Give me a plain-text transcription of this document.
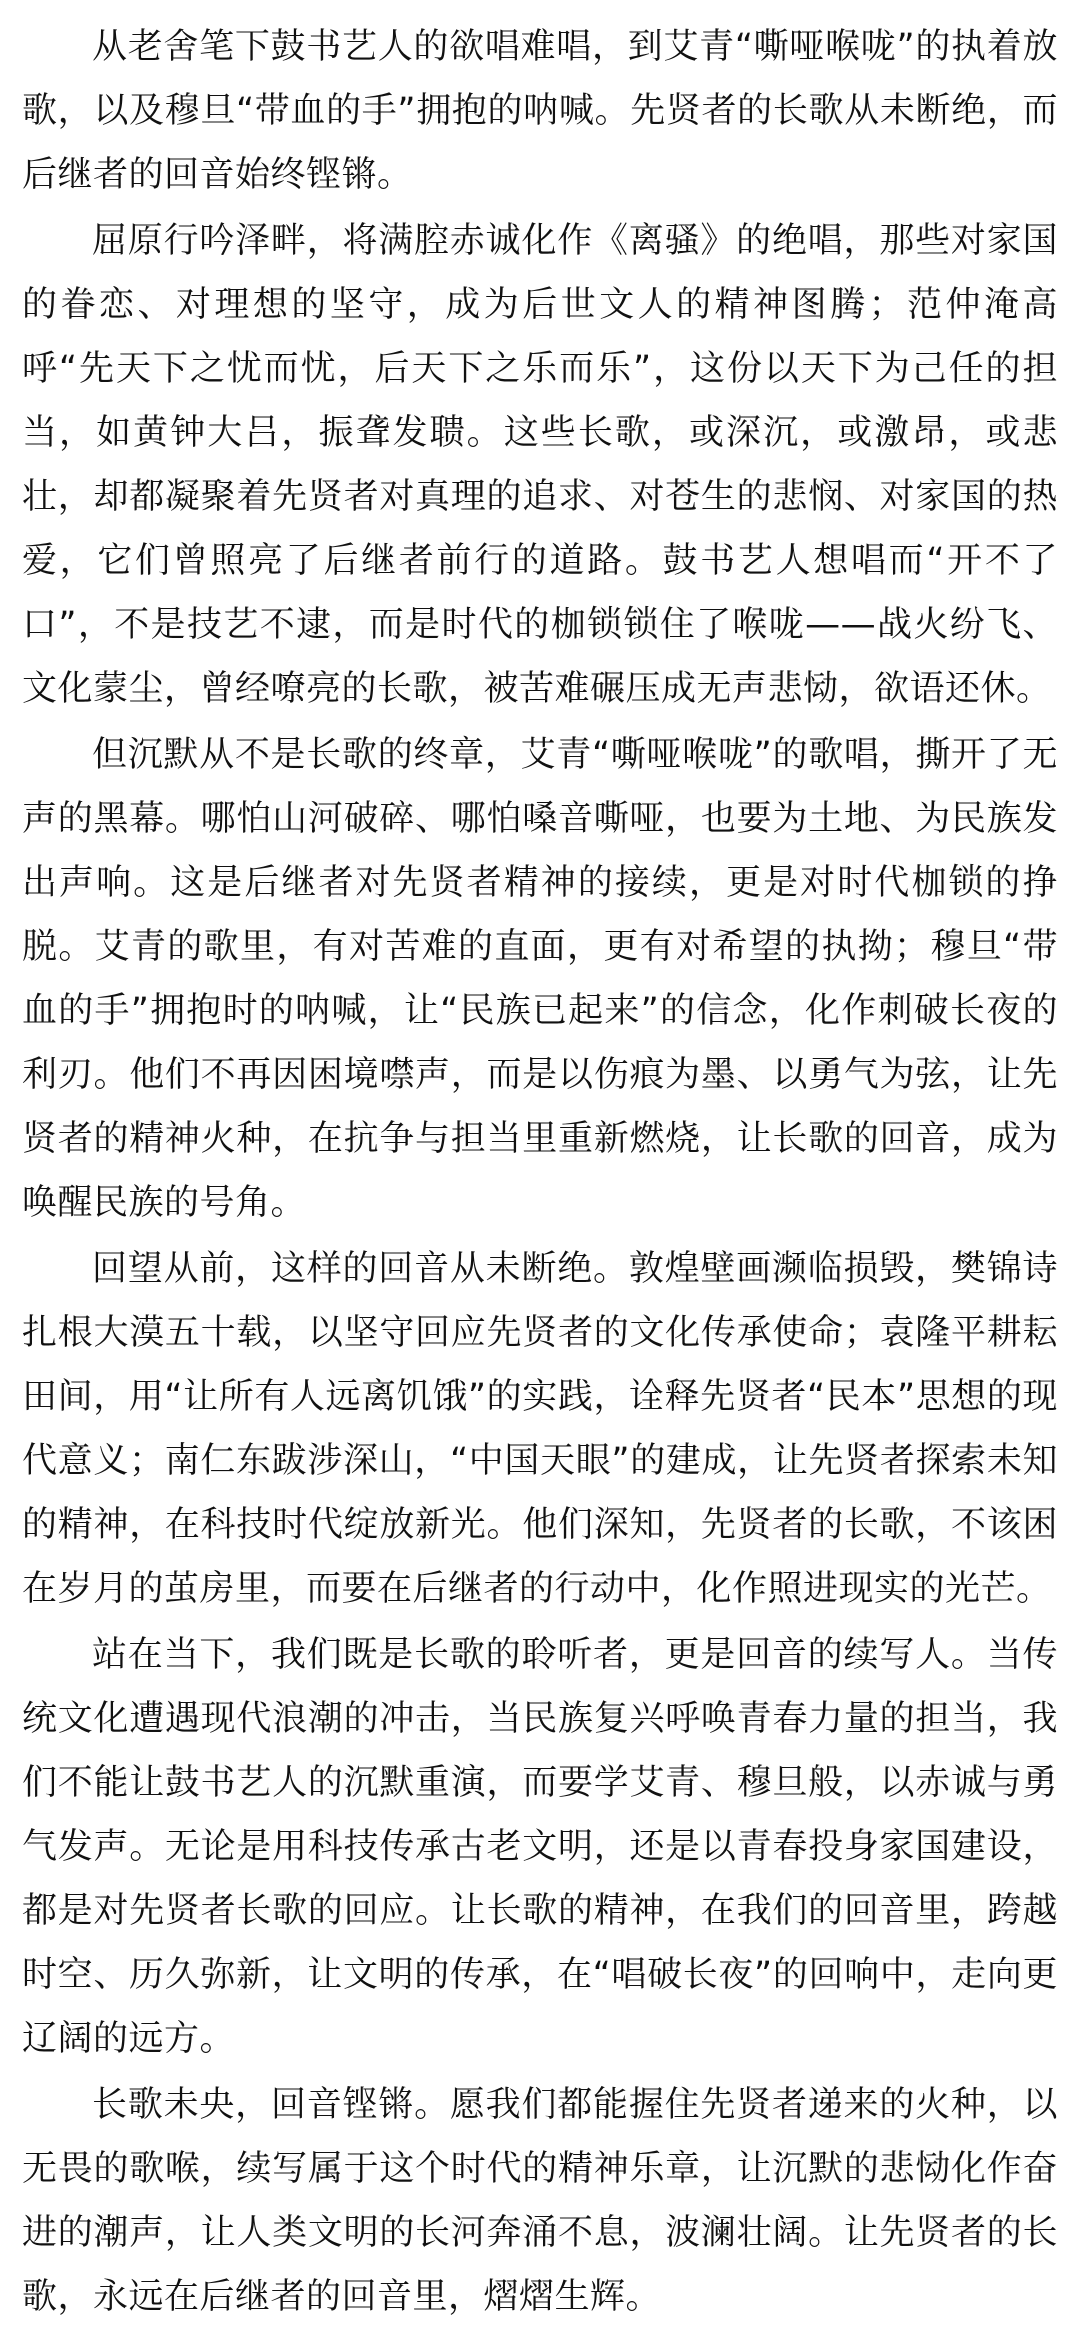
从老舍笔下鼓书艺人的欲唱难唱，到艾青“嘶哑喉咙”的执着放歌，以及穆旦“带血的手”拥抱的呐喊。先贤者的长歌从未断绝，而后继者的回音始终铿锵。

屈原行吟泽畔，将满腔赤诚化作《离骚》的绝唱，那些对家国的眷恋、对理想的坚守，成为后世文人的精神图腾；范仲淹高呼“先天下之忧而忧，后天下之乐而乐”，这份以天下为己任的担当，如黄钟大吕，振聋发聩。这些长歌，或深沉，或激昂，或悲壮，却都凝聚着先贤者对真理的追求、对苍生的悲悯、对家国的热爱，它们曾照亮了后继者前行的道路。鼓书艺人想唱而“开不了口”，不是技艺不逮，而是时代的枷锁锁住了喉咙——战火纷飞、文化蒙尘，曾经嘹亮的长歌，被苦难碾压成无声悲恸，欲语还休。

但沉默从不是长歌的终章，艾青“嘶哑喉咙”的歌唱，撕开了无声的黑幕。哪怕山河破碎、哪怕嗓音嘶哑，也要为土地、为民族发出声响。这是后继者对先贤者精神的接续，更是对时代枷锁的挣脱。艾青的歌里，有对苦难的直面，更有对希望的执拗；穆旦“带血的手”拥抱时的呐喊，让“民族已起来”的信念，化作刺破长夜的利刃。他们不再因困境噤声，而是以伤痕为墨、以勇气为弦，让先贤者的精神火种，在抗争与担当里重新燃烧，让长歌的回音，成为唤醒民族的号角。

回望从前，这样的回音从未断绝。敦煌壁画濒临损毁，樊锦诗扎根大漠五十载，以坚守回应先贤者的文化传承使命；袁隆平耕耘田间，用“让所有人远离饥饿”的实践，诠释先贤者“民本”思想的现代意义；南仁东跋涉深山，“中国天眼”的建成，让先贤者探索未知的精神，在科技时代绽放新光。他们深知，先贤者的长歌，不该困在岁月的茧房里，而要在后继者的行动中，化作照进现实的光芒。

站在当下，我们既是长歌的聆听者，更是回音的续写人。当传统文化遭遇现代浪潮的冲击，当民族复兴呼唤青春力量的担当，我们不能让鼓书艺人的沉默重演，而要学艾青、穆旦般，以赤诚与勇气发声。无论是用科技传承古老文明，还是以青春投身家国建设，都是对先贤者长歌的回应。让长歌的精神，在我们的回音里，跨越时空、历久弥新，让文明的传承，在“唱破长夜”的回响中，走向更辽阔的远方。

长歌未央，回音铿锵。愿我们都能握住先贤者递来的火种，以无畏的歌喉，续写属于这个时代的精神乐章，让沉默的悲恸化作奋进的潮声，让人类文明的长河奔涌不息，波澜壮阔。让先贤者的长歌，永远在后继者的回音里，熠熠生辉。
